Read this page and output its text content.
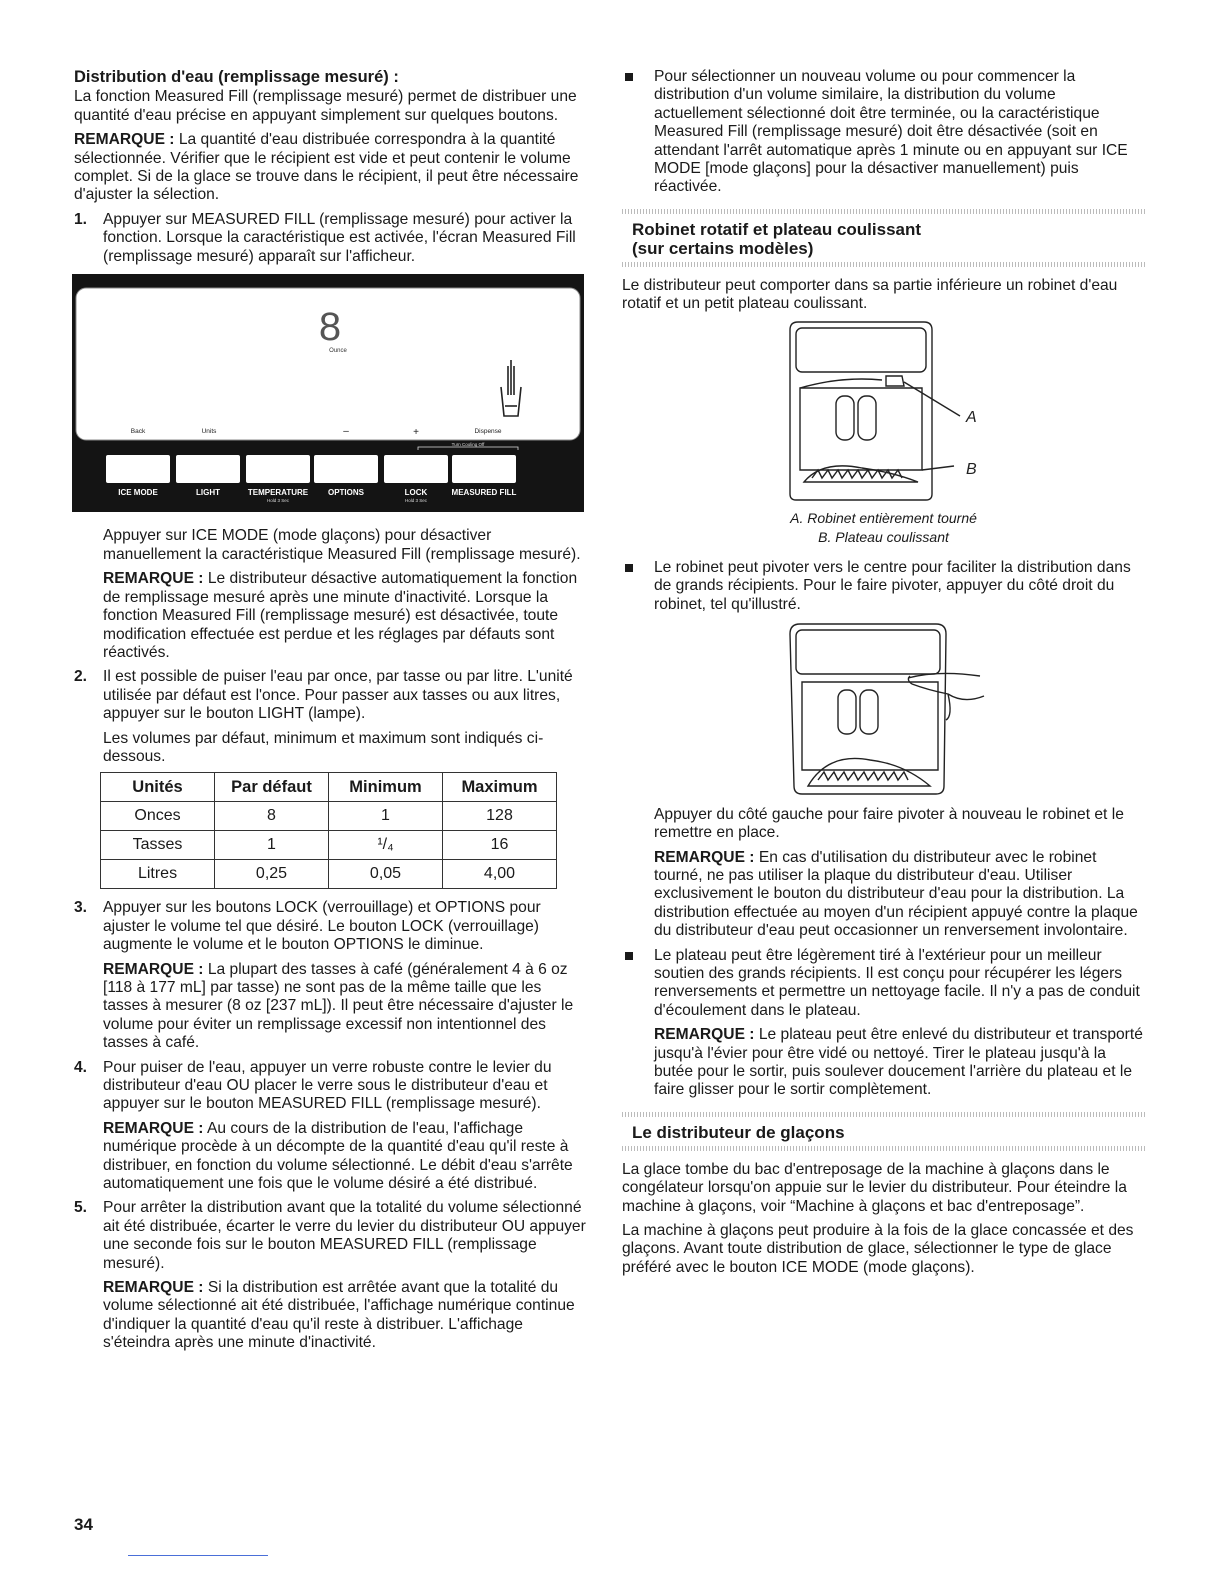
Distribution d'eau (remplissage mesuré) :

La fonction Measured Fill (remplissage mesuré) permet de distribuer une quantité d'eau précise en appuyant simplement sur quelques boutons.

REMARQUE : La quantité d'eau distribuée correspondra à la quantité sélectionnée. Vérifier que le récipient est vide et peut contenir le volume complet. Si de la glace se trouve dans le récipient, il peut être nécessaire d'ajuster la sélection.

1. Appuyer sur MEASURED FILL (remplissage mesuré) pour activer la fonction. Lorsque la caractéristique est activée, l'écran Measured Fill (remplissage mesuré) apparaît sur l'afficheur.

8
Ounce
Back	Units	–	+	Dispense
Turn Cooling Off
ICE MODE	LIGHT	TEMPERATURE OPTIONS	LOCK	MEASURED FILL
Hold 3 Sec	Hold 3 Sec

Appuyer sur ICE MODE (mode glaçons) pour désactiver manuellement la caractéristique Measured Fill (remplissage mesuré).

REMARQUE : Le distributeur désactive automatiquement la fonction de remplissage mesuré après une minute d'inactivité. Lorsque la fonction Measured Fill (remplissage mesuré) est désactivée, toute modification effectuée est perdue et les réglages par défauts sont réactivés.

2. Il est possible de puiser l'eau par once, par tasse ou par litre. L'unité utilisée par défaut est l'once. Pour passer aux tasses ou aux litres, appuyer sur le bouton LIGHT (lampe).

Les volumes par défaut, minimum et maximum sont indiqués ci-dessous.

Unités	Par défaut	Minimum	Maximum
Onces	8	1	128
Tasses	1	¹/₄	16
Litres	0,25	0,05	4,00
3. Appuyer sur les boutons LOCK (verrouillage) et OPTIONS pour ajuster le volume tel que désiré. Le bouton LOCK (verrouillage) augmente le volume et le bouton OPTIONS le diminue.

REMARQUE : La plupart des tasses à café (généralement 4 à 6 oz [118 à 177 mL] par tasse) ne sont pas de la même taille que les tasses à mesurer (8 oz [237 mL]). Il peut être nécessaire d'ajuster le volume pour éviter un remplissage excessif non intentionnel des tasses à café.

4. Pour puiser de l'eau, appuyer un verre robuste contre le levier du distributeur d'eau OU placer le verre sous le distributeur d'eau et appuyer sur le bouton MEASURED FILL (remplissage mesuré).

REMARQUE : Au cours de la distribution de l'eau, l'affichage numérique procède à un décompte de la quantité d'eau qu'il reste à distribuer, en fonction du volume sélectionné. Le débit d'eau s'arrête automatiquement une fois que le volume désiré a été distribué.

5. Pour arrêter la distribution avant que la totalité du volume sélectionné ait été distribuée, écarter le verre du levier du distributeur OU appuyer une seconde fois sur le bouton MEASURED FILL (remplissage mesuré).

REMARQUE : Si la distribution est arrêtée avant que la totalité du volume sélectionné ait été distribuée, l'affichage numérique continue d'indiquer la quantité d'eau qu'il reste à distribuer. L'affichage s'éteindra après une minute d'inactivité.

Pour sélectionner un nouveau volume ou pour commencer la distribution d'un volume similaire, la distribution du volume actuellement sélectionné doit être terminée, ou la caractéristique Measured Fill (remplissage mesuré) doit être désactivée (soit en attendant l'arrêt automatique après 1 minute ou en appuyant sur ICE MODE [mode glaçons] pour la désactiver manuellement) puis réactivée.

Robinet rotatif et plateau coulissant
(sur certains modèles)

Le distributeur peut comporter dans sa partie inférieure un robinet d'eau rotatif et un petit plateau coulissant.

A
B
A. Robinet entièrement tourné
B. Plateau coulissant

Le robinet peut pivoter vers le centre pour faciliter la distribution dans de grands récipients. Pour le faire pivoter, appuyer du côté droit du robinet, tel qu'illustré.

Appuyer du côté gauche pour faire pivoter à nouveau le robinet et le remettre en place.

REMARQUE : En cas d'utilisation du distributeur avec le robinet tourné, ne pas utiliser la plaque du distributeur d'eau. Utiliser exclusivement le bouton du distributeur d'eau pour la distribution. La distribution effectuée au moyen d'un récipient appuyé contre la plaque du distributeur d'eau peut occasionner un renversement involontaire.

Le plateau peut être légèrement tiré à l'extérieur pour un meilleur soutien des grands récipients. Il est conçu pour récupérer les légers renversements et permettre un nettoyage facile. Il n'y a pas de conduit d'écoulement dans le plateau.

REMARQUE : Le plateau peut être enlevé du distributeur et transporté jusqu'à l'évier pour être vidé ou nettoyé. Tirer le plateau jusqu'à la butée pour le sortir, puis soulever doucement l'arrière du plateau et le faire glisser pour le sortir complètement.

Le distributeur de glaçons

La glace tombe du bac d'entreposage de la machine à glaçons dans le congélateur lorsqu'on appuie sur le levier du distributeur. Pour éteindre la machine à glaçons, voir “Machine à glaçons et bac d'entreposage”.

La machine à glaçons peut produire à la fois de la glace concassée et des glaçons. Avant toute distribution de glace, sélectionner le type de glace préféré avec le bouton ICE MODE (mode glaçons).

34
